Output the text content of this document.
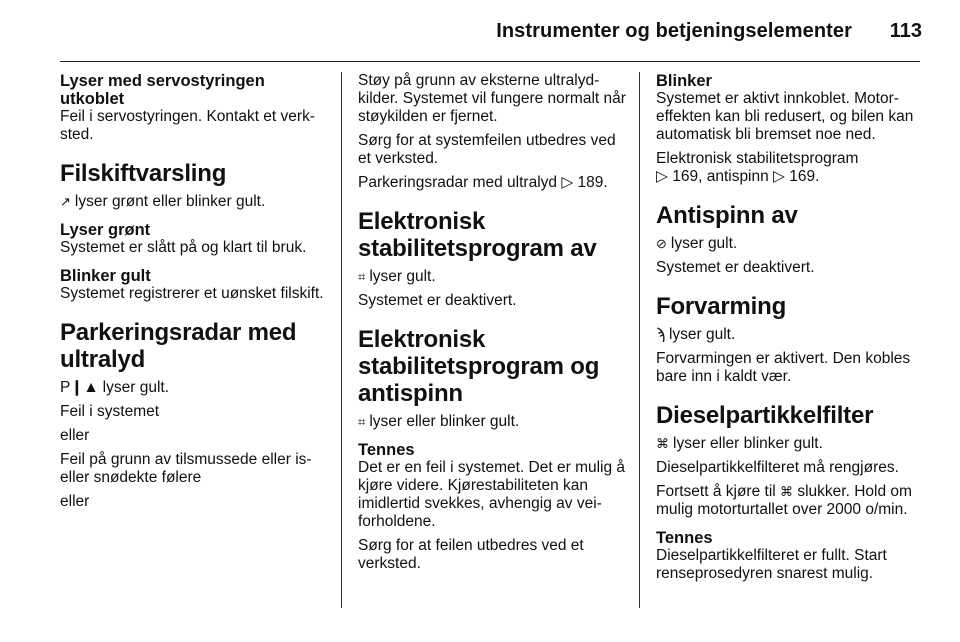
Instrumenter og betjeningselementer 113
Lyser med servostyringen utkoblet
Feil i servostyringen. Kontakt et verksted.
Filskiftvarsling
↗ lyser grønt eller blinker gult.
Lyser grønt
Systemet er slått på og klart til bruk.
Blinker gult
Systemet registrerer et uønsket filskift.
Parkeringsradar med ultralyd
P❙▲ lyser gult.
Feil i systemet
eller
Feil på grunn av tilsmussede eller is- eller snødekte følere
eller
Støy på grunn av eksterne ultralydkilder. Systemet vil fungere normalt når støykilden er fjernet.
Sørg for at systemfeilen utbedres ved et verksted.
Parkeringsradar med ultralyd ▷ 189.
Elektronisk stabilitetsprogram av
⌗ lyser gult.
Systemet er deaktivert.
Elektronisk stabilitetsprogram og antispinn
⌗ lyser eller blinker gult.
Tennes
Det er en feil i systemet. Det er mulig å kjøre videre. Kjørestabiliteten kan imidlertid svekkes, avhengig av veiforholdene.
Sørg for at feilen utbedres ved et verksted.
Blinker
Systemet er aktivt innkoblet. Motoreffekten kan bli redusert, og bilen kan automatisk bli bremset noe ned.
Elektronisk stabilitetsprogram
▷ 169, antispinn ▷ 169.
Antispinn av
⊘ lyser gult.
Systemet er deaktivert.
Forvarming
ϡ lyser gult.
Forvarmingen er aktivert. Den kobles bare inn i kaldt vær.
Dieselpartikkelfilter
⌘ lyser eller blinker gult.
Dieselpartikkelfilteret må rengjøres.
Fortsett å kjøre til ⌘ slukker. Hold om mulig motorturtallet over 2000 o/min.
Tennes
Dieselpartikkelfilteret er fullt. Start renseprosedyren snarest mulig.
